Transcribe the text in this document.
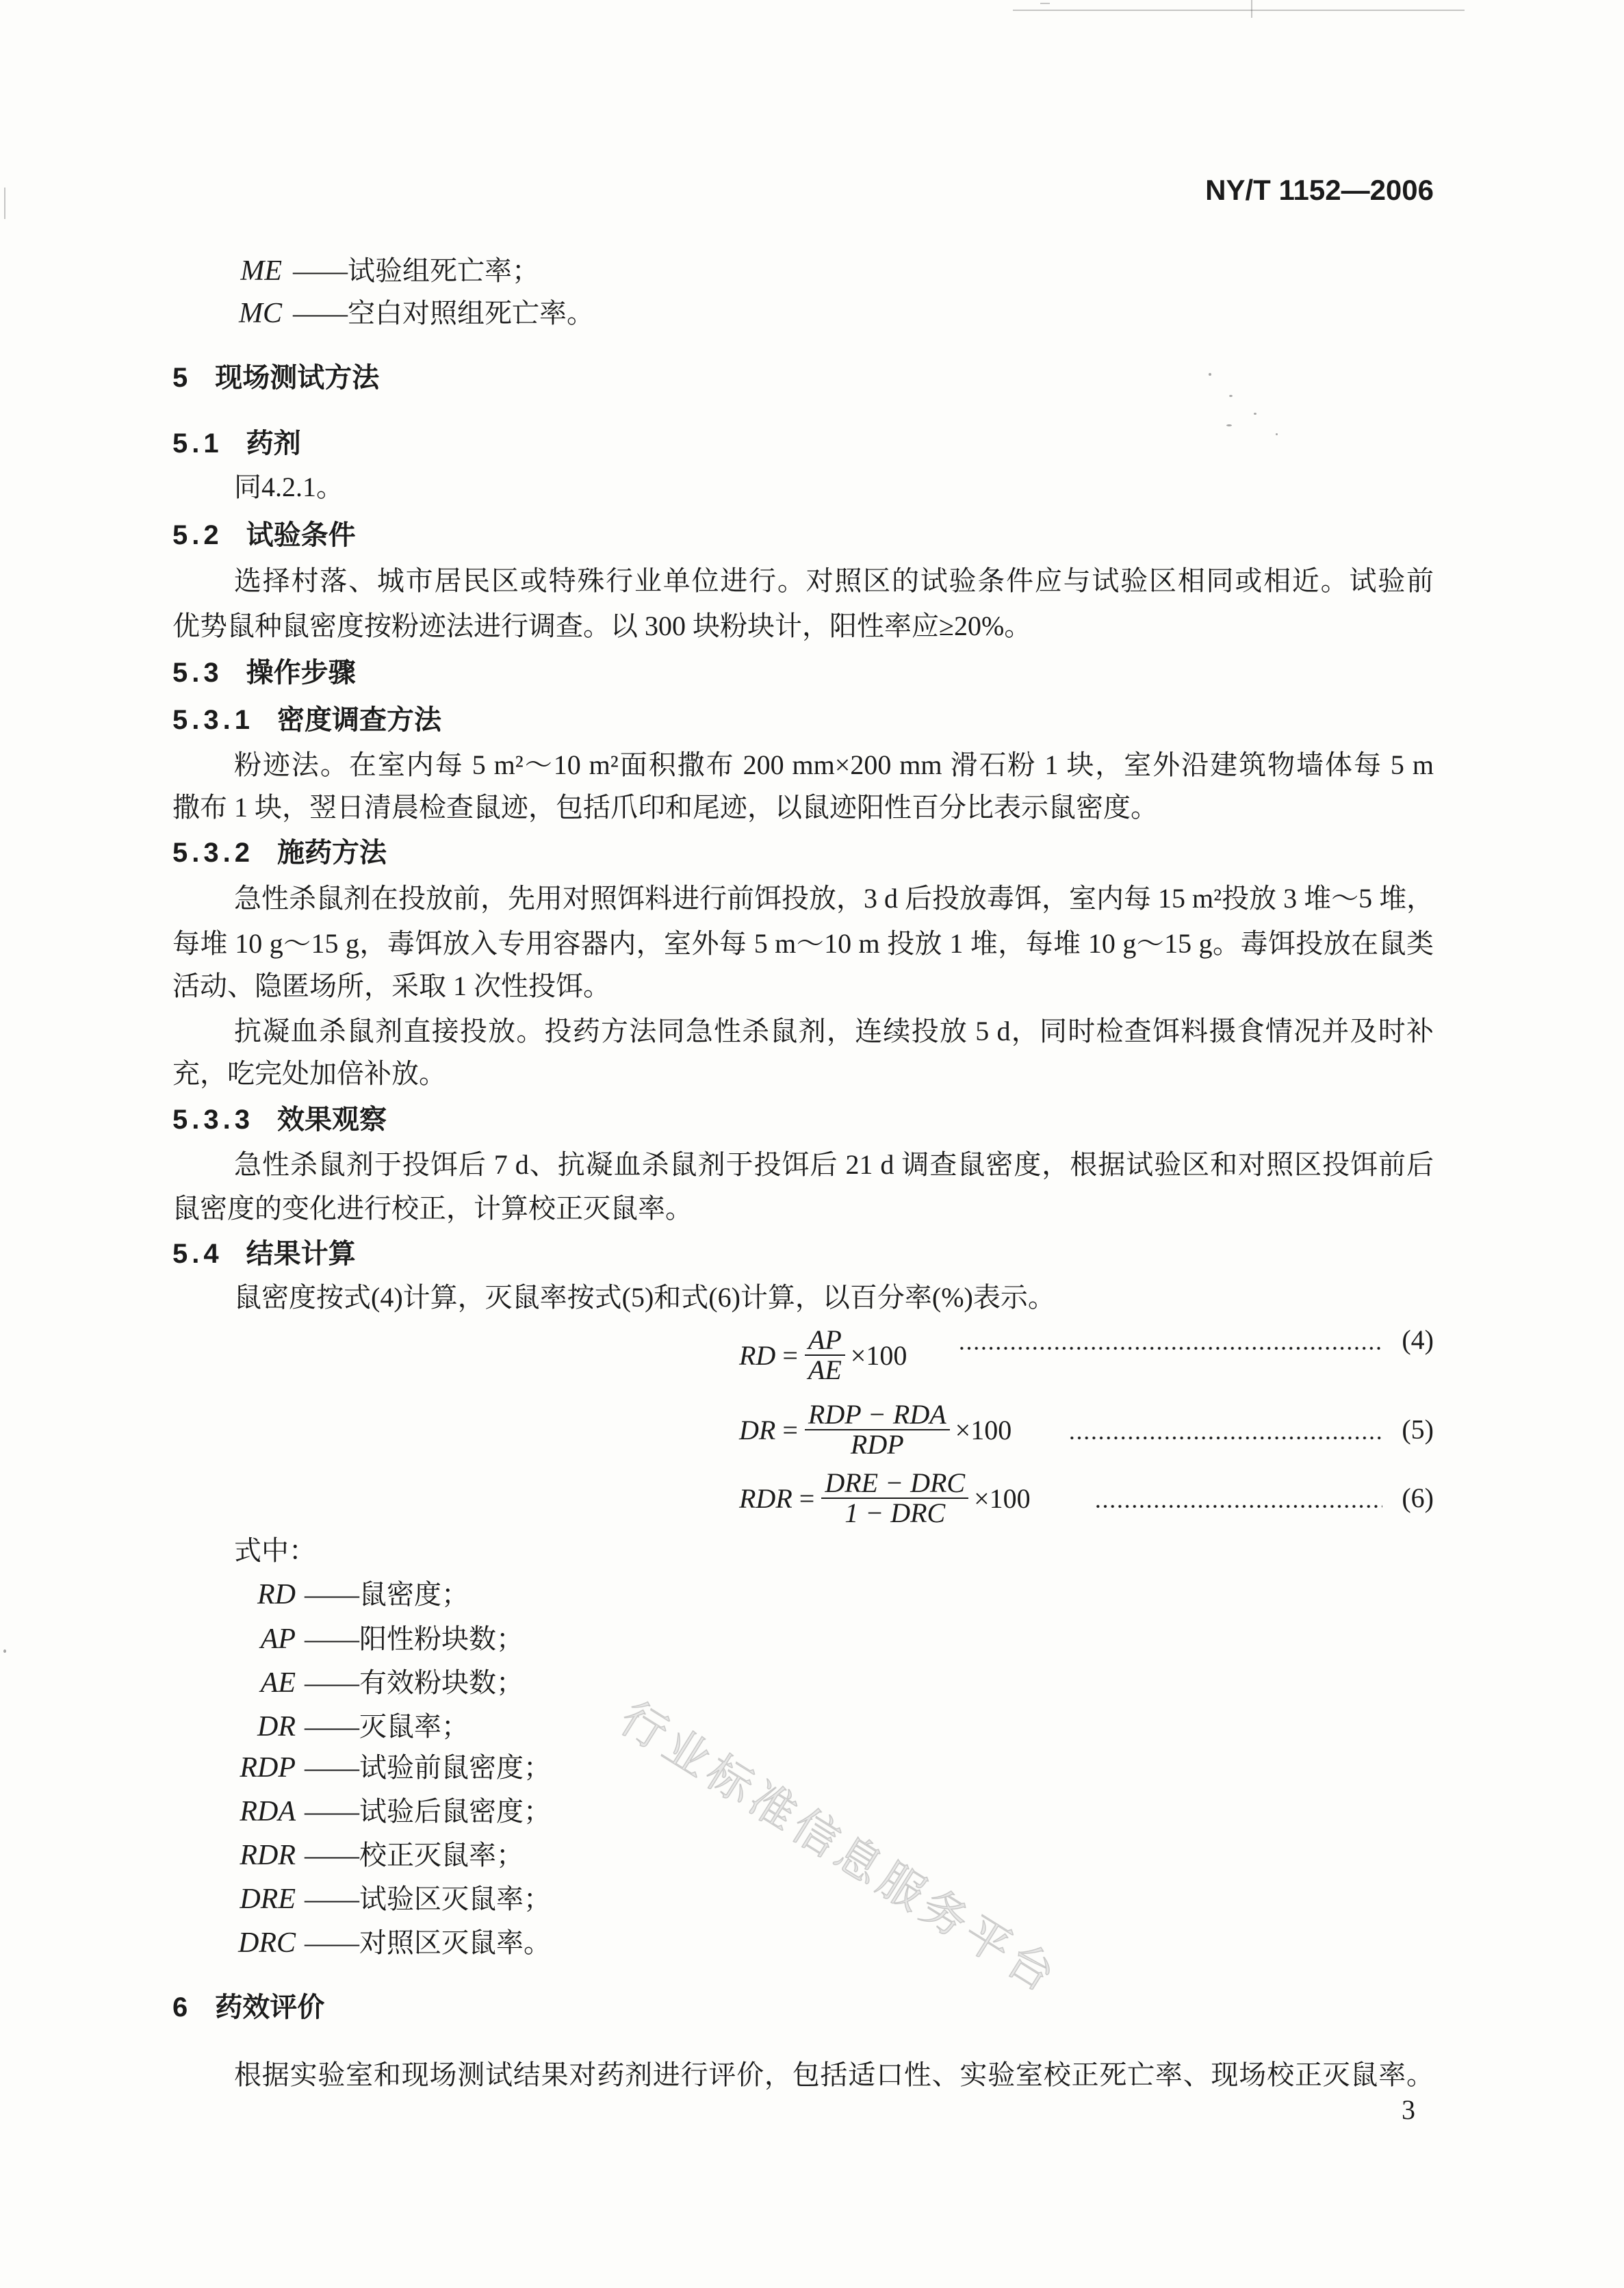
NY/T 1152—2006
ME ——试验组死亡率；
MC ——空白对照组死亡率。
5 现场测试方法
5.1 药剂
同4.2.1。
5.2 试验条件
选择村落、城市居民区或特殊行业单位进行。对照区的试验条件应与试验区相同或相近。试验前
优势鼠种鼠密度按粉迹法进行调查。以 300 块粉块计，阳性率应≥20%。
5.3 操作步骤
5.3.1 密度调查方法
粉迹法。在室内每 5 m²～10 m²面积撒布 200 mm×200 mm 滑石粉 1 块，室外沿建筑物墙体每 5 m
撒布 1 块，翌日清晨检查鼠迹，包括爪印和尾迹，以鼠迹阳性百分比表示鼠密度。
5.3.2 施药方法
急性杀鼠剂在投放前，先用对照饵料进行前饵投放，3 d 后投放毒饵，室内每 15 m²投放 3 堆～5 堆，
每堆 10 g～15 g，毒饵放入专用容器内，室外每 5 m～10 m 投放 1 堆，每堆 10 g～15 g。毒饵投放在鼠类
活动、隐匿场所，采取 1 次性投饵。
抗凝血杀鼠剂直接投放。投药方法同急性杀鼠剂，连续投放 5 d，同时检查饵料摄食情况并及时补
充，吃完处加倍补放。
5.3.3 效果观察
急性杀鼠剂于投饵后 7 d、抗凝血杀鼠剂于投饵后 21 d 调查鼠密度，根据试验区和对照区投饵前后
鼠密度的变化进行校正，计算校正灭鼠率。
5.4 结果计算
鼠密度按式(4)计算，灭鼠率按式(5)和式(6)计算，以百分率(%)表示。
RD = $\frac{AP}{AE} \times 100$	(4)
DR = $\frac{\text{RDP − RDA}}{\text{RDP}} \times 100$	(5)
RDR = $\frac{\text{DRE − DRC}}{\text{1 − DRC}} \times 100$	(6)
式中：
RD ——鼠密度；
AP ——阳性粉块数；
AE ——有效粉块数；
DR ——灭鼠率；
RDP ——试验前鼠密度；
RDA ——试验后鼠密度；
RDR ——校正灭鼠率；
DRE ——试验区灭鼠率；
DRC ——对照区灭鼠率。 行业标准信息服务平台
6 药效评价
根据实验室和现场测试结果对药剂进行评价，包括适口性、实验室校正死亡率、现场校正灭鼠率。
3
